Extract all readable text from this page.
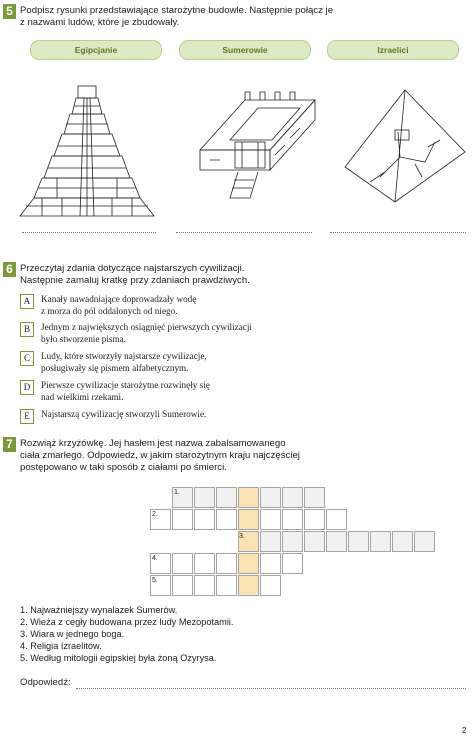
5 Podpisz rysunki przedstawiające starożytne budowle. Następnie połącz je
z nazwami ludów, które je zbudowały.
Egipcjanie	Sumerowie	Izraelici
6 Przeczytaj zdania dotyczące najstarszych cywilizacji.
Następnie zamaluj kratkę przy zdaniach prawdziwych.
A	Kanały nawadniające doprowadzały wodę
z morza do pól oddalonych od niego.
B	Jednym z największych osiągnięć pierwszych cywilizacji
było stworzenie pisma.
C	Ludy, które stworzyły najstarsze cywilizacje,
posługiwały się pismem alfabetycznym.
D	Pierwsze cywilizacje starożytne rozwinęły się
nad wielkimi rzekami.
E	Najstarszą cywilizację stworzyli Sumerowie.
7 Rozwiąż krzyżówkę. Jej hasłem jest nazwa zabalsamowanego
ciała zmarłego. Odpowiedz, w jakim starożytnym kraju najczęściej
postępowano w taki sposób z ciałami po śmierci.
1.
2.
3.
4.
5.
1. Najważniejszy wynalazek Sumerów.
2. Wieża z cegły budowana przez ludy Mezopotamii.
3. Wiara w jednego boga.
4. Religia Izraelitów.
5. Według mitologii egipskiej była żoną Ozyrysa.
Odpowiedź:
2
